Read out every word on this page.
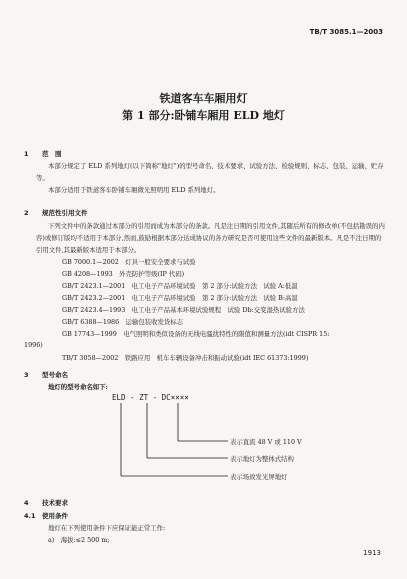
TB/T 3085.1—2003
铁道客车车厢用灯
第 1 部分:卧铺车厢用 ELD 地灯
1 范　围
本部分规定了 ELD 系列地灯(以下简称"地灯")的型号命名、技术要求、试验方法、检验规则、标志、包装、运输、贮存等。
本部分适用于铁道客车卧铺车厢微光照明用 ELD 系列地灯。
2 规范性引用文件
下列文件中的条款通过本部分的引用而成为本部分的条款。凡是注日期的引用文件,其随后所有的修改单(不包括勘误的内容)或修订版均不适用于本部分,然而,鼓励根据本部分达成协议的各方研究是否可使用这些文件的最新版本。凡是不注日期的引用文件,其最新版本适用于本部分。
GB 7000.1—2002　灯具一般安全要求与试验
GB 4208—1993　外壳防护等级(IP 代码)
GB/T 2423.1—2001　电工电子产品环境试验　第 2 部分:试验方法　试验 A:低温
GB/T 2423.2—2001　电工电子产品环境试验　第 2 部分:试验方法　试验 B:高温
GB/T 2423.4—1993　电工电子产品基本环境试验规程　试验 Db:交变湿热试验方法
GB/T 6388—1986　运输包装收发货标志
GB 17743—1999　电气照明和类似设备的无线电骚扰特性的限值和测量方法(idt CISPR 15:
1996)
TB/T 3058—2002　铁路应用　机车车辆设备冲击和振动试验(idt IEC 61373:1999)
3 型号命名
地灯的型号命名如下:
ELD - ZT - DC××××
表示直流 48 V 或 110 V
表示地灯为整体式结构
表示场致发光屏地灯
4 技术要求
4.1 使用条件
地灯在下列使用条件下应保证能正常工作:
a)　海拔:≤2 500 m;
1913
